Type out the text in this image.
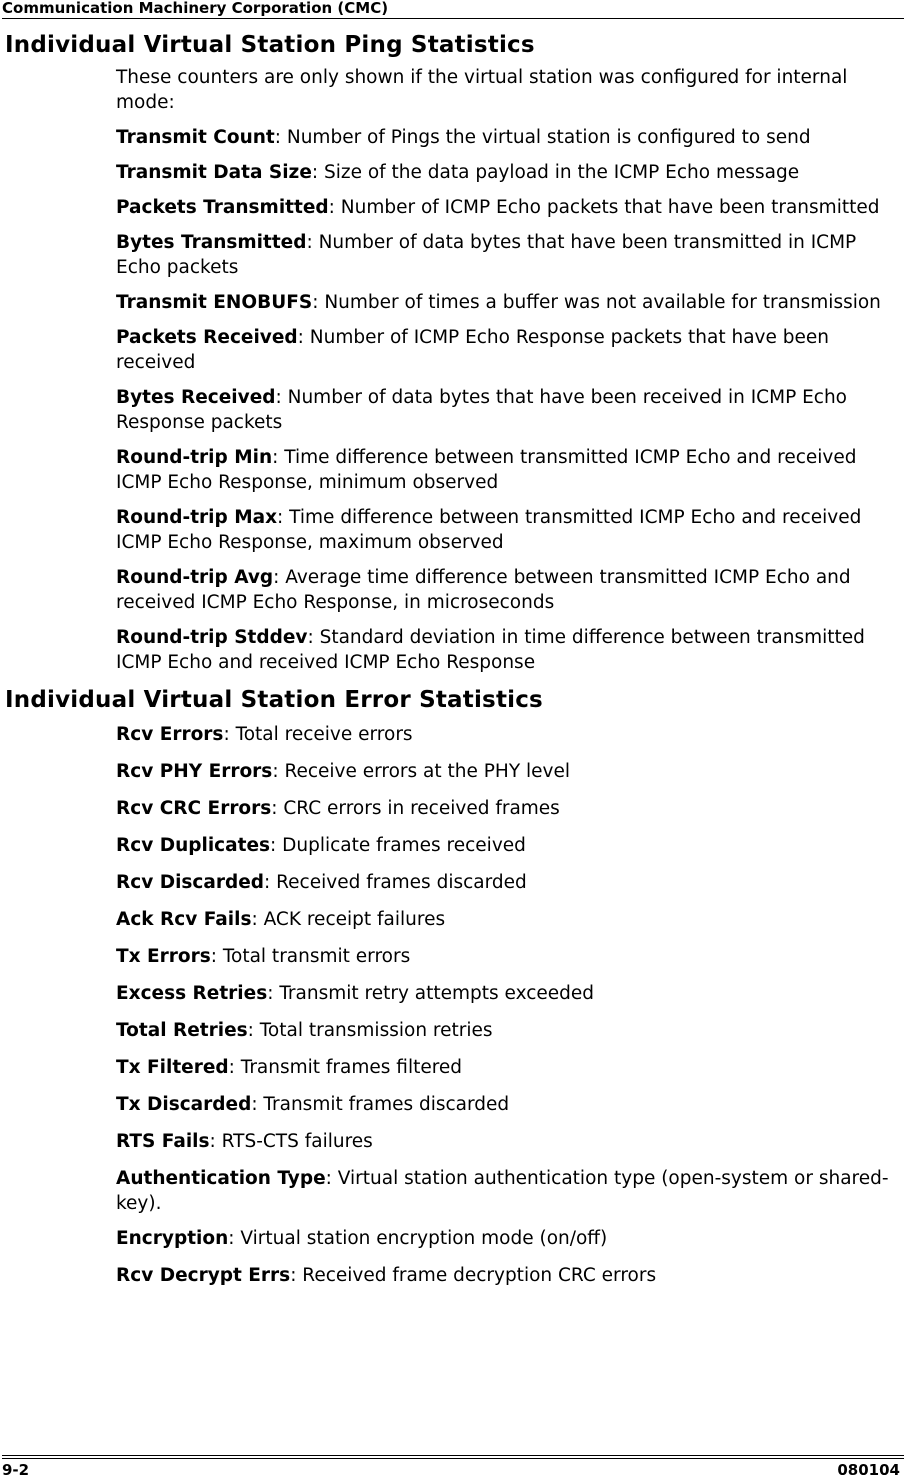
Communication Machinery Corporation (CMC)
Individual Virtual Station Ping Statistics
These counters are only shown if the virtual station was configured for internal mode:
Transmit Count: Number of Pings the virtual station is configured to send
Transmit Data Size: Size of the data payload in the ICMP Echo message
Packets Transmitted: Number of ICMP Echo packets that have been transmitted
Bytes Transmitted: Number of data bytes that have been transmitted in ICMP Echo packets
Transmit ENOBUFS: Number of times a buffer was not available for transmission
Packets Received: Number of ICMP Echo Response packets that have been received
Bytes Received: Number of data bytes that have been received in ICMP Echo Response packets
Round-trip Min: Time difference between transmitted ICMP Echo and received ICMP Echo Response, minimum observed
Round-trip Max: Time difference between transmitted ICMP Echo and received ICMP Echo Response, maximum observed
Round-trip Avg: Average time difference between transmitted ICMP Echo and received ICMP Echo Response, in microseconds
Round-trip Stddev: Standard deviation in time difference between transmitted ICMP Echo and received ICMP Echo Response
Individual Virtual Station Error Statistics
Rcv Errors: Total receive errors
Rcv PHY Errors: Receive errors at the PHY level
Rcv CRC Errors: CRC errors in received frames
Rcv Duplicates: Duplicate frames received
Rcv Discarded: Received frames discarded
Ack Rcv Fails: ACK receipt failures
Tx Errors: Total transmit errors
Excess Retries: Transmit retry attempts exceeded
Total Retries: Total transmission retries
Tx Filtered: Transmit frames filtered
Tx Discarded: Transmit frames discarded
RTS Fails: RTS-CTS failures
Authentication Type: Virtual station authentication type (open-system or shared-key).
Encryption: Virtual station encryption mode (on/off)
Rcv Decrypt Errs: Received frame decryption CRC errors
9-2	080104
